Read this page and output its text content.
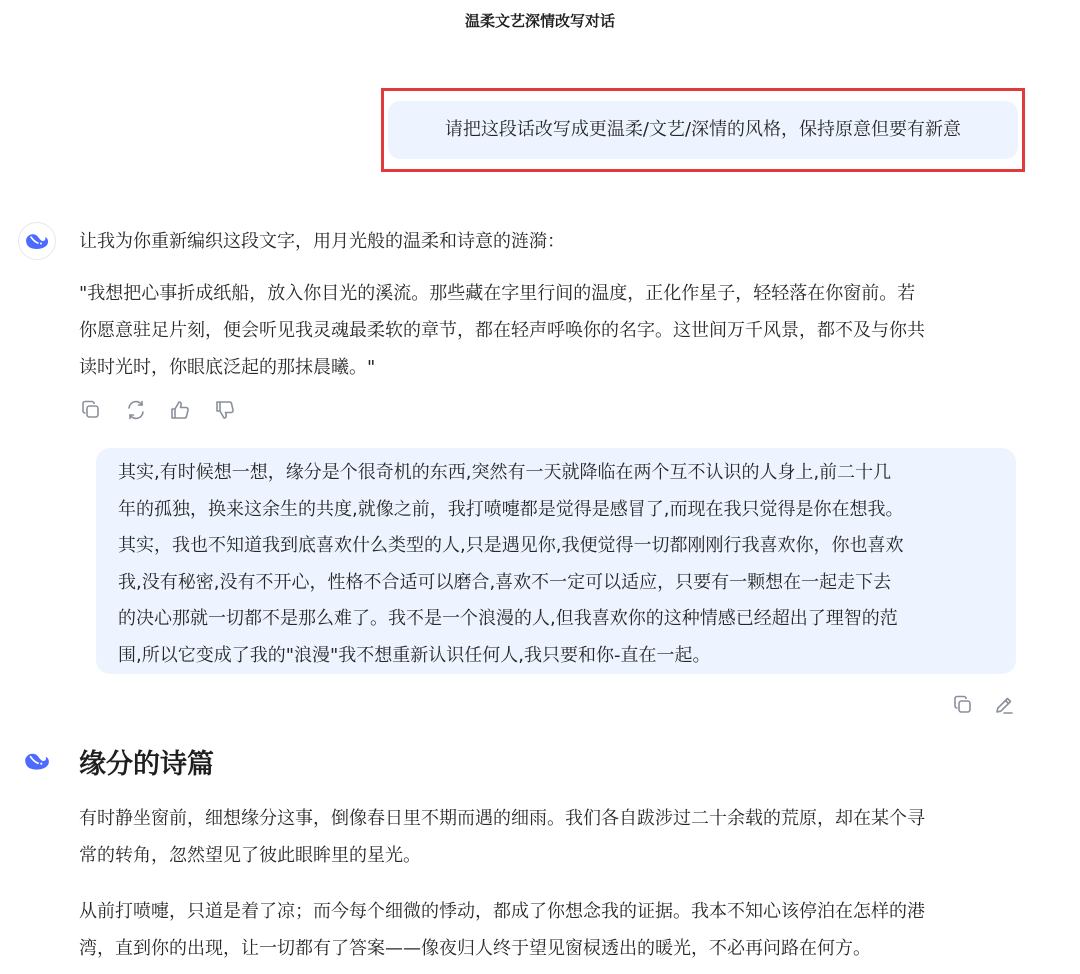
温柔文艺深情改写对话
请把这段话改写成更温柔/文艺/深情的风格，保持原意但要有新意
让我为你重新编织这段文字，用月光般的温柔和诗意的涟漪：
"我想把心事折成纸船，放入你目光的溪流。那些藏在字里行间的温度，正化作星子，轻轻落在你窗前。若
你愿意驻足片刻，便会听见我灵魂最柔软的章节，都在轻声呼唤你的名字。这世间万千风景，都不及与你共
读时光时，你眼底泛起的那抹晨曦。"
其实,有时候想一想，缘分是个很奇机的东西,突然有一天就降临在两个互不认识的人身上,前二十几
年的孤独，换来这余生的共度,就像之前，我打喷嚏都是觉得是感冒了,而现在我只觉得是你在想我。
其实，我也不知道我到底喜欢什么类型的人,只是遇见你,我便觉得一切都刚刚行我喜欢你，你也喜欢
我,没有秘密,没有不开心，性格不合适可以磨合,喜欢不一定可以适应，只要有一颗想在一起走下去
的决心那就一切都不是那么难了。我不是一个浪漫的人,但我喜欢你的这种情感已经超出了理智的范
围,所以它变成了我的"浪漫"我不想重新认识任何人,我只要和你-直在一起。
缘分的诗篇
有时静坐窗前，细想缘分这事，倒像春日里不期而遇的细雨。我们各自跋涉过二十余载的荒原，却在某个寻
常的转角，忽然望见了彼此眼眸里的星光。
从前打喷嚏，只道是着了凉；而今每个细微的悸动，都成了你想念我的证据。我本不知心该停泊在怎样的港
湾，直到你的出现，让一切都有了答案——像夜归人终于望见窗棂透出的暖光，不必再问路在何方。
